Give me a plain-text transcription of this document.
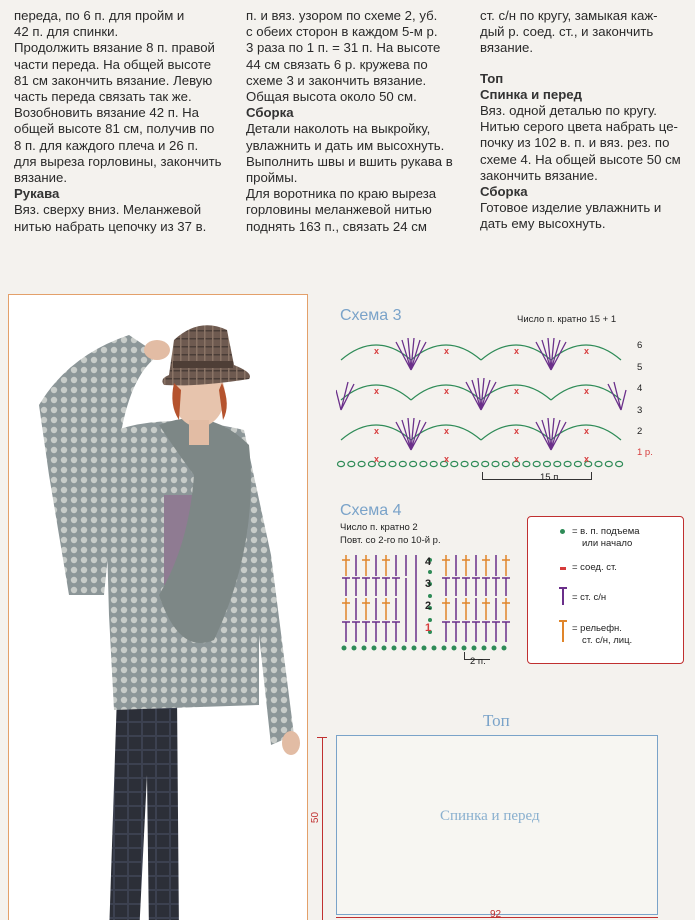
переда, по 6 п. для пройм и

42 п. для спинки.

Продолжить вязание 8 п. правой

части переда. На общей высоте

81 см закончить вязание. Левую

часть переда связать так же.

Возобновить вязание 42 п. На

общей высоте 81 см, получив по

8 п. для каждого плеча и 26 п.

для выреза горловины, закончить

вязание.

Рукава

Вяз. сверху вниз. Меланжевой

нитью набрать цепочку из 37 в.

п. и вяз. узором по схеме 2, уб.

с обеих сторон в каждом 5-м р.

3 раза по 1 п. = 31 п. На высоте

44 см связать 6 р. кружева по

схеме 3 и закончить вязание.

Общая высота около 50 см.

Сборка

Детали наколоть на выкройку,

увлажнить и дать им высохнуть.

Выполнить швы и вшить рукава в

проймы.

Для воротника по краю выреза

горловины меланжевой нитью

поднять 163 п., связать 24 см

ст. с/н по кругу, замыкая каж-

дый р. соед. ст., и закончить

вязание.

Топ

Спинка и перед

Вяз. одной деталью по кругу.

Нитью серого цвета набрать це-

почку из 102 в. п. и вяз. рез. по

схеме 4. На общей высоте 50 см

закончить вязание.

Сборка

Готовое изделие увлажнить и

дать ему высохнуть.

Схема 3	Число п. кратно 15 + 1
x	x	x	x
x	x	x	x
x	x	x	x
x
x	x	x
6
5
4
3
2
1 р.
15 п.
Схема 4
Число п. кратно 2
Повт. со 2-го по 10-й р.
4
3
2
1
2 п.
= в. п. подъема
или начало
= соед. ст.
= ст. с/н
= рельефн.
ст. с/н, лиц.
Топ
50	Спинка и перед
92
